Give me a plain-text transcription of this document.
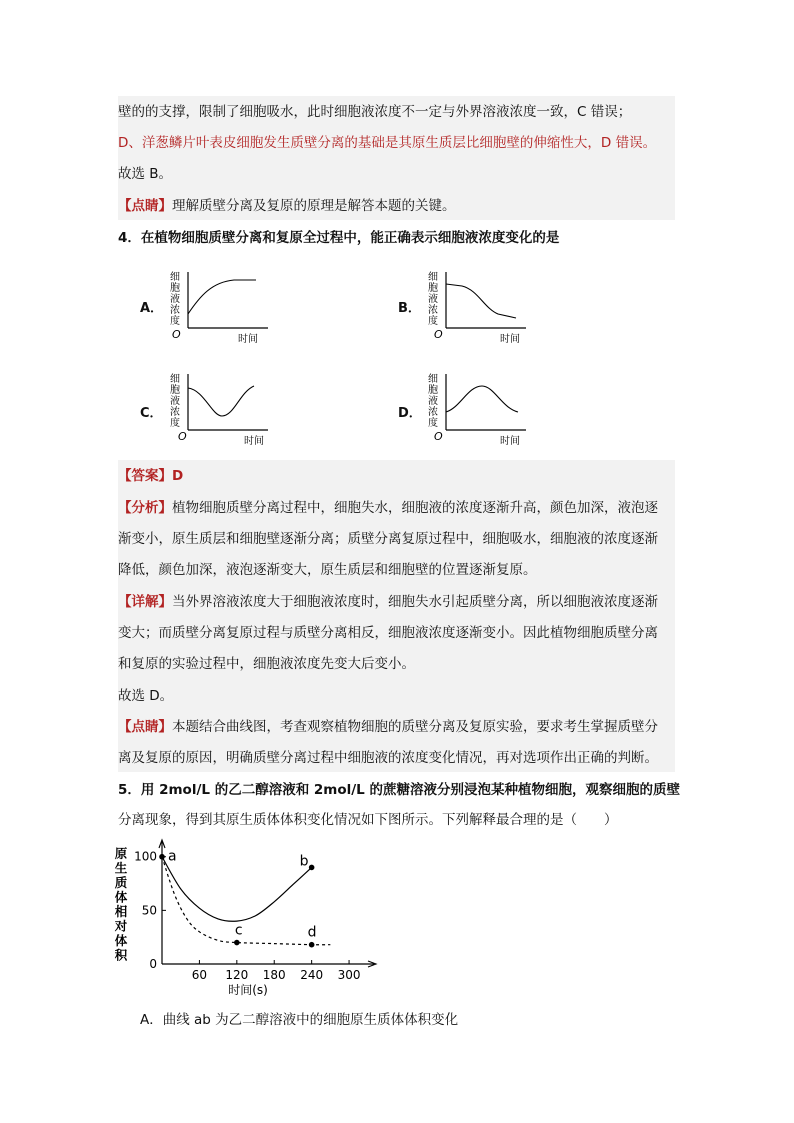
壁的的支撑，限制了细胞吸水，此时细胞液浓度不一定与外界溶液浓度一致，C 错误；
D、洋葱鳞片叶表皮细胞发生质壁分离的基础是其原生质层比细胞壁的伸缩性大，D 错误。
故选 B。
【点睛】理解质壁分离及复原的原理是解答本题的关键。
4．在植物细胞质壁分离和复原全过程中，能正确表示细胞液浓度变化的是
A．	B．
C．	D．
O	时间
细
胞
液
浓
度
O	时间
细
胞
液
浓
度
O	时间
细
胞
液
浓
度
O	时间
细
胞
液
浓
度
【答案】D
【分析】植物细胞质壁分离过程中，细胞失水，细胞液的浓度逐渐升高，颜色加深，液泡逐
渐变小，原生质层和细胞壁逐渐分离；质壁分离复原过程中，细胞吸水，细胞液的浓度逐渐
降低，颜色加深，液泡逐渐变大，原生质层和细胞壁的位置逐渐复原。
【详解】当外界溶液浓度大于细胞液浓度时，细胞失水引起质壁分离，所以细胞液浓度逐渐
变大；而质壁分离复原过程与质壁分离相反，细胞液浓度逐渐变小。因此植物细胞质壁分离
和复原的实验过程中，细胞液浓度先变大后变小。
故选 D。
【点睛】本题结合曲线图，考查观察植物细胞的质壁分离及复原实验，要求考生掌握质壁分
离及复原的原因，明确质壁分离过程中细胞液的浓度变化情况，再对选项作出正确的判断。
5．用 2mol/L 的乙二醇溶液和 2mol/L 的蔗糖溶液分别浸泡某种植物细胞，观察细胞的质壁
分离现象，得到其原生质体体积变化情况如下图所示。下列解释最合理的是（　　）
原
生
质
体
相
对
体
积
60 120 180 240 300
0
50
100 a	b
c	d
时间(s)
A．曲线 ab 为乙二醇溶液中的细胞原生质体体积变化
